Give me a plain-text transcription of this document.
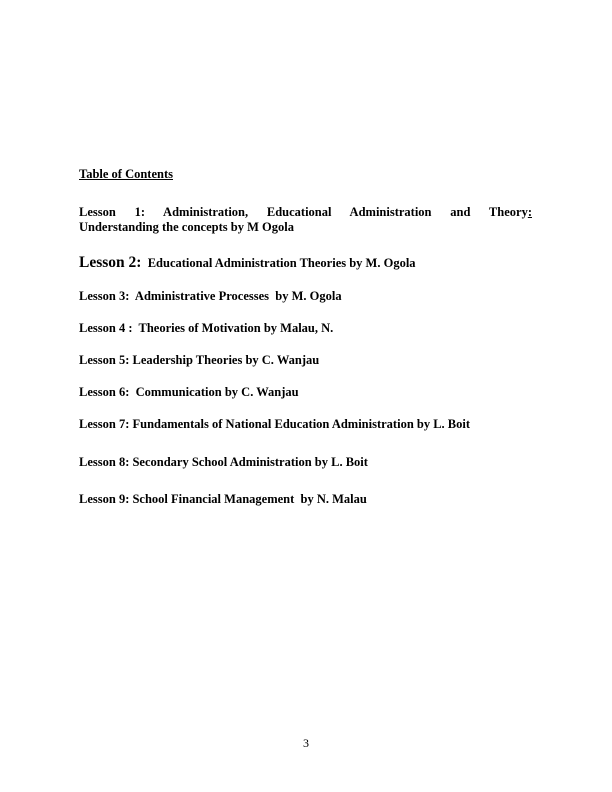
Table of Contents
Lesson 1: Administration, Educational Administration and Theory:
Understanding the concepts by M Ogola
Lesson 2: Educational Administration Theories by M. Ogola
Lesson 3:  Administrative Processes  by M. Ogola
Lesson 4 :  Theories of Motivation by Malau, N.
Lesson 5: Leadership Theories by C. Wanjau
Lesson 6:  Communication by C. Wanjau
Lesson 7: Fundamentals of National Education Administration by L. Boit
Lesson 8: Secondary School Administration by L. Boit
Lesson 9: School Financial Management  by N. Malau
3
